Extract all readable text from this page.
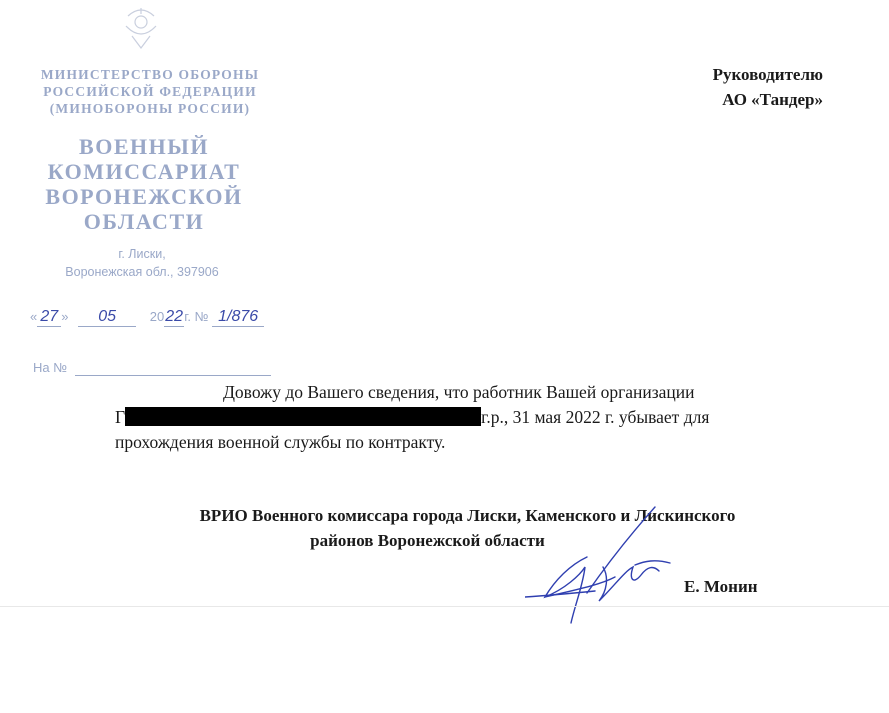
МИНИСТЕРСТВО ОБОРОНЫ
РОССИЙСКОЙ ФЕДЕРАЦИИ
(МИНОБОРОНЫ РОССИИ)
ВОЕННЫЙ
КОМИССАРИАТ
ВОРОНЕЖСКОЙ
ОБЛАСТИ
г. Лиски,
Воронежская обл., 397906
« 27 » 05	2022г. № 1/876
На №
Руководителю
АО «Тандер»
Довожу до Вашего сведения, что работник Вашей организации
Г	г.р., 31 мая 2022 г. убывает для
прохождения военной службы по контракту.
ВРИО Военного комиссара города Лиски, Каменского и Лискинского
районов Воронежской области
Е. Монин
